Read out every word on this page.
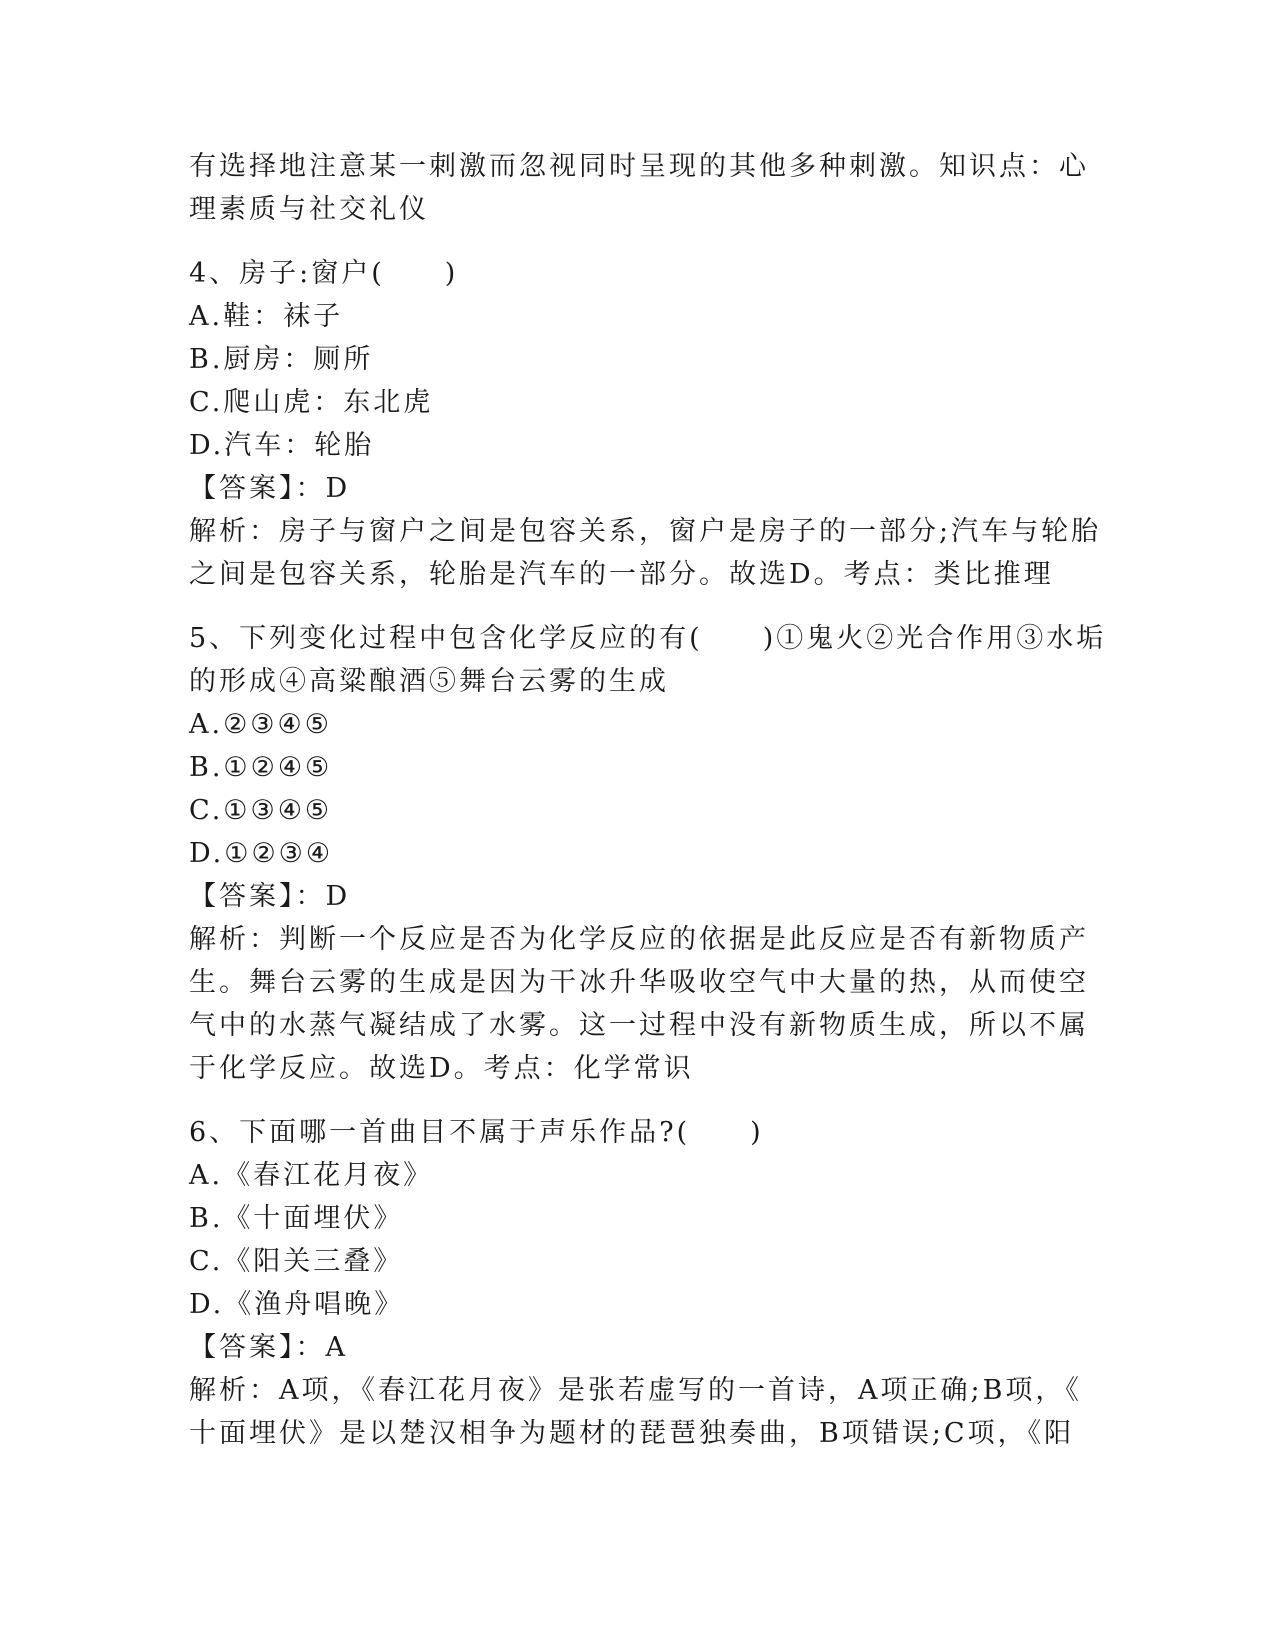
有选择地注意某一刺激而忽视同时呈现的其他多种刺激。知识点：心
理素质与社交礼仪
4、房子:窗户(　　)
A.鞋：袜子
B.厨房：厕所
C.爬山虎：东北虎
D.汽车：轮胎
【答案】：D
解析：房子与窗户之间是包容关系，窗户是房子的一部分;汽车与轮胎
之间是包容关系，轮胎是汽车的一部分。故选D。考点：类比推理
5、下列变化过程中包含化学反应的有(　　)①鬼火②光合作用③水垢
的形成④高粱酿酒⑤舞台云雾的生成
A.②③④⑤
B.①②④⑤
C.①③④⑤
D.①②③④
【答案】：D
解析：判断一个反应是否为化学反应的依据是此反应是否有新物质产
生。舞台云雾的生成是因为干冰升华吸收空气中大量的热，从而使空
气中的水蒸气凝结成了水雾。这一过程中没有新物质生成，所以不属
于化学反应。故选D。考点：化学常识
6、下面哪一首曲目不属于声乐作品?(　　)
A.《春江花月夜》
B.《十面埋伏》
C.《阳关三叠》
D.《渔舟唱晚》
【答案】：A
解析：A项，《春江花月夜》是张若虚写的一首诗，A项正确;B项，《
十面埋伏》是以楚汉相争为题材的琵琶独奏曲，B项错误;C项，《阳
